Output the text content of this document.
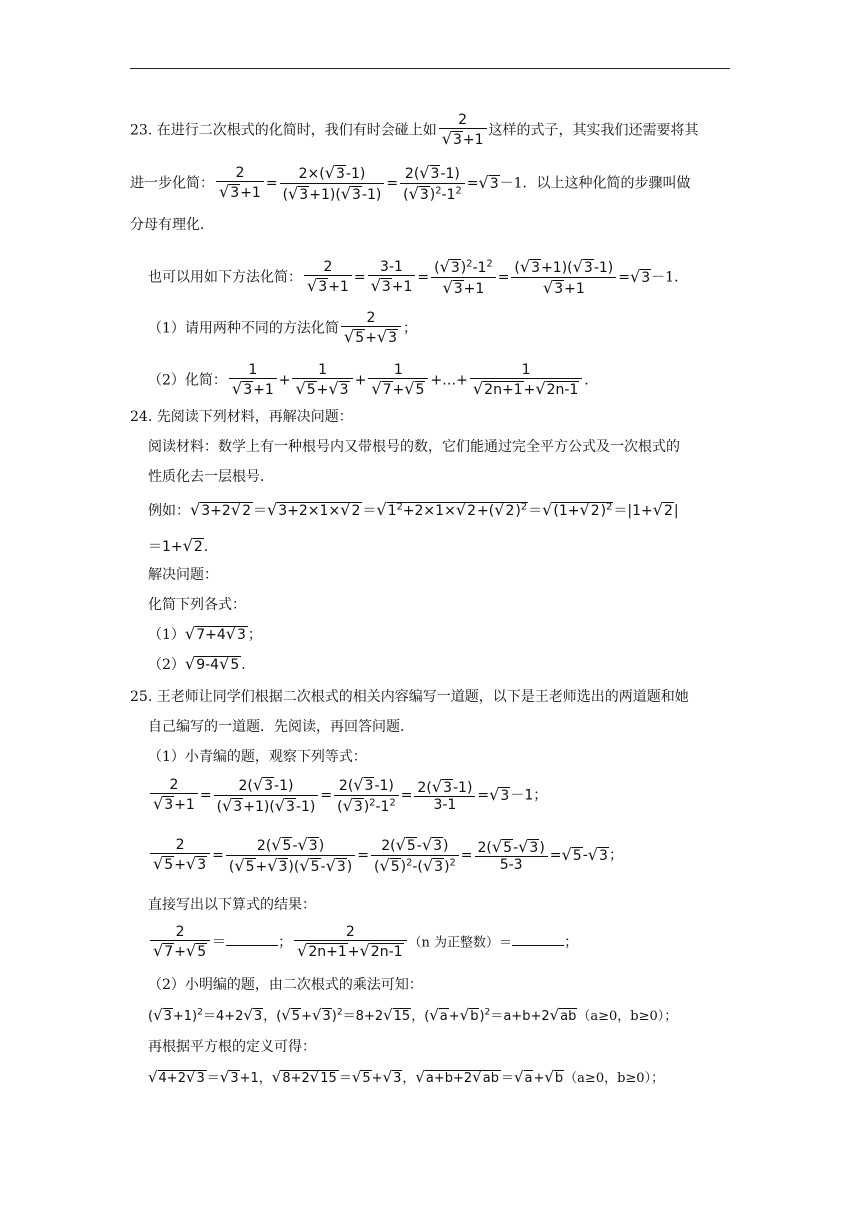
23. 在进行二次根式的化简时，我们有时会碰上如 $\frac{2}{√3+1}$ 这样的式子，其实我们还需要将其
进一步化简： $\frac{2}{√3+1} = \frac{2\times(√3-1)}{(√3+1)(√3-1)} = \frac{2(√3-1)}{(√3)^2-1^2} =√3-1$．以上这种化简的步骤叫做
分母有理化．
也可以用如下方法化简： $\frac{2}{√3+1} = \frac{3-1}{√3+1} = \frac{(√3)^2-1^2}{√3+1} = \frac{(√3+1)(√3-1)}{√3+1} =√3-1$．
（1）请用两种不同的方法化简 $\frac{2}{√5+√3}$ ；
（2）化简： $\frac{1}{√3+1} + \frac{1}{√5+√3} + \frac{1}{√7+√5}$ +…+ $\frac{1}{√2n+1+√2n-1}$ ．
24. 先阅读下列材料，再解决问题：
阅读材料：数学上有一种根号内又带根号的数，它们能通过完全平方公式及一次根式的
性质化去一层根号．
例如：$√3+2√2 =√3+2\times 1\times√2 =√1^2+2\times 1\times√2+(√2)^2=√(1+√2)^2=|1+√2|$
＝1+√2．
解决问题：
化简下列各式：
（1）√7+4√3 ；
（2）√9-4√5 ．
25. 王老师让同学们根据二次根式的相关内容编写一道题，以下是王老师选出的两道题和她
自己编写的一道题．先阅读，再回答问题．
（1）小青编的题，观察下列等式：
$\frac{2}{√3+1} = \frac{2(√3-1)}{(√3+1)(√3-1)} = \frac{2(√3-1)}{(√3)^2-1^2} = \frac{2(√3-1)}{3-1} =√3-1$；
$\frac{2}{√5+√3} = \frac{2(√5-√3)}{(√5+√3)(√5-√3)} = \frac{2(√5-√3)}{(√5)^2-(√3)^2} = \frac{2(√5-√3)}{5-3} =√5-√3$；
直接写出以下算式的结果：
$\frac{2}{√7+√5}$ ＝	； $\frac{2}{√2n+1+√2n-1} (n$ 为正整数）＝	；
（2）小明编的题，由二次根式的乘法可知：
$(√3+1)^2=4+2√3$，$(√5+√3)^2=8+2√15$，$(√a+√b)^2=a+b+2√ab(a\ge 0$，b≥0）；
再根据平方根的定义可得：
√4+2√3 ＝√3+1，√8+2√15 ＝√5+√3，√a+b+2√ab ＝√a+√b（a≥0，b≥0）；
